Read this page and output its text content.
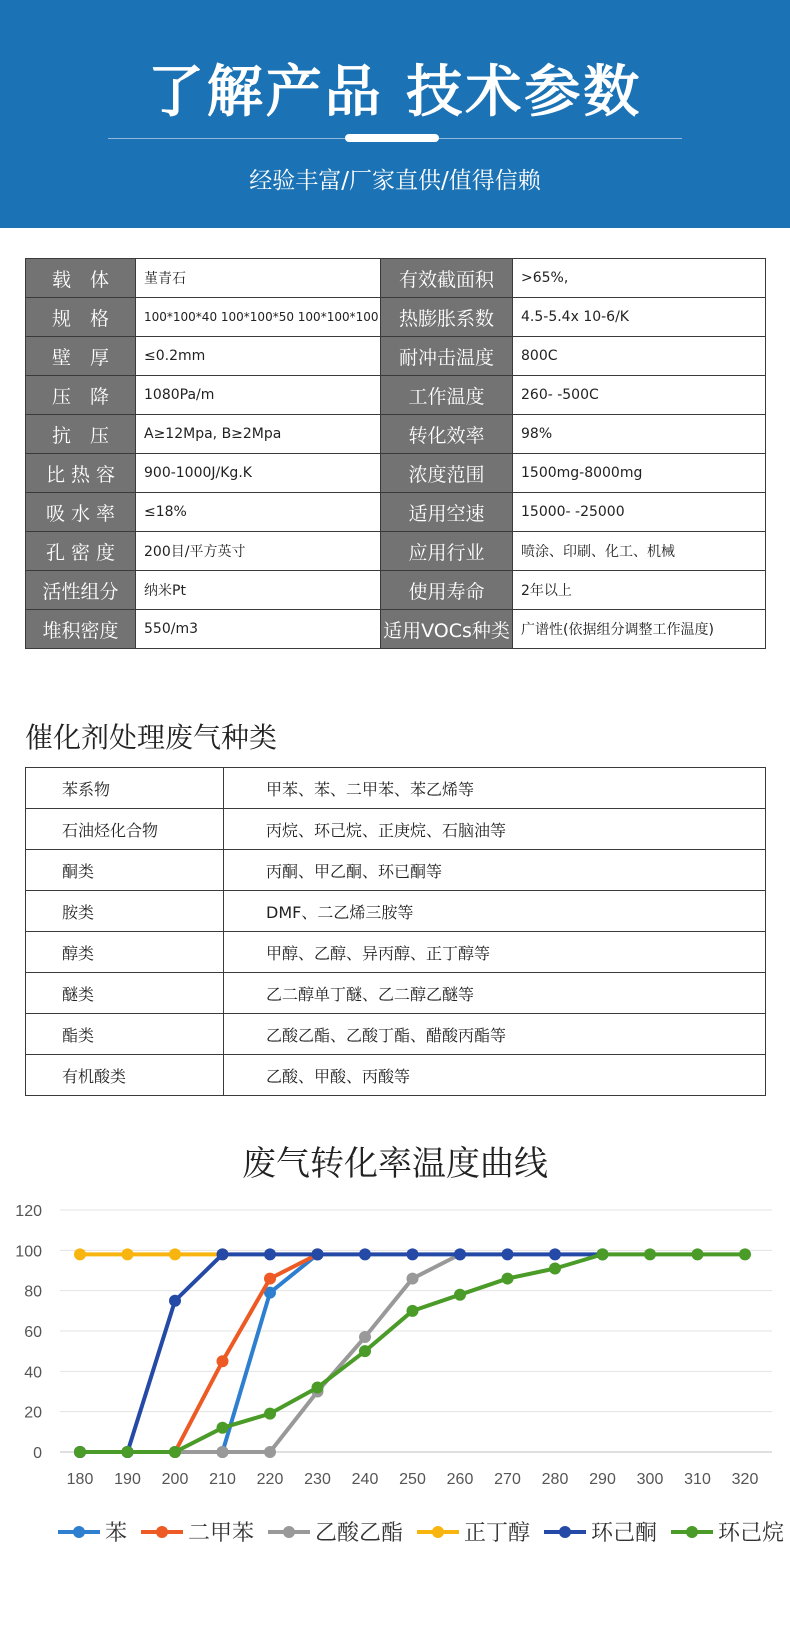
了解产品 技术参数
经验丰富/厂家直供/值得信赖
载　体	堇青石	有效截面积	>65%,
规　格	100*100*40 100*100*50 100*100*100	热膨胀系数	4.5-5.4x 10-6/K
壁　厚	≤0.2mm	耐冲击温度	800C
压　降	1080Pa/m	工作温度	260- -500C
抗　压	A≥12Mpa, B≥2Mpa	转化效率	98%
比 热 容	900-1000J/Kg.K	浓度范围	1500mg-8000mg
吸 水 率	≤18%	适用空速	15000- -25000
孔 密 度	200目/平方英寸	应用行业	喷涂、印刷、化工、机械
活性组分	纳米Pt	使用寿命	2年以上
堆积密度	550/m3	适用VOCs种类	广谱性(依据组分调整工作温度)
催化剂处理废气种类
苯系物	甲苯、苯、二甲苯、苯乙烯等
石油烃化合物	丙烷、环己烷、正庚烷、石脑油等
酮类	丙酮、甲乙酮、环已酮等
胺类	DMF、二乙烯三胺等
醇类	甲醇、乙醇、异丙醇、正丁醇等
醚类	乙二醇单丁醚、乙二醇乙醚等
酯类	乙酸乙酯、乙酸丁酯、醋酸丙酯等
有机酸类	乙酸、甲酸、丙酸等
废气转化率温度曲线
0
20
40
60
80
100
120
180 190 200 210 220 230 240 250 260 270 280 290 300 310 320
苯	二甲苯	乙酸乙酯	正丁醇	环己酮	环己烷
